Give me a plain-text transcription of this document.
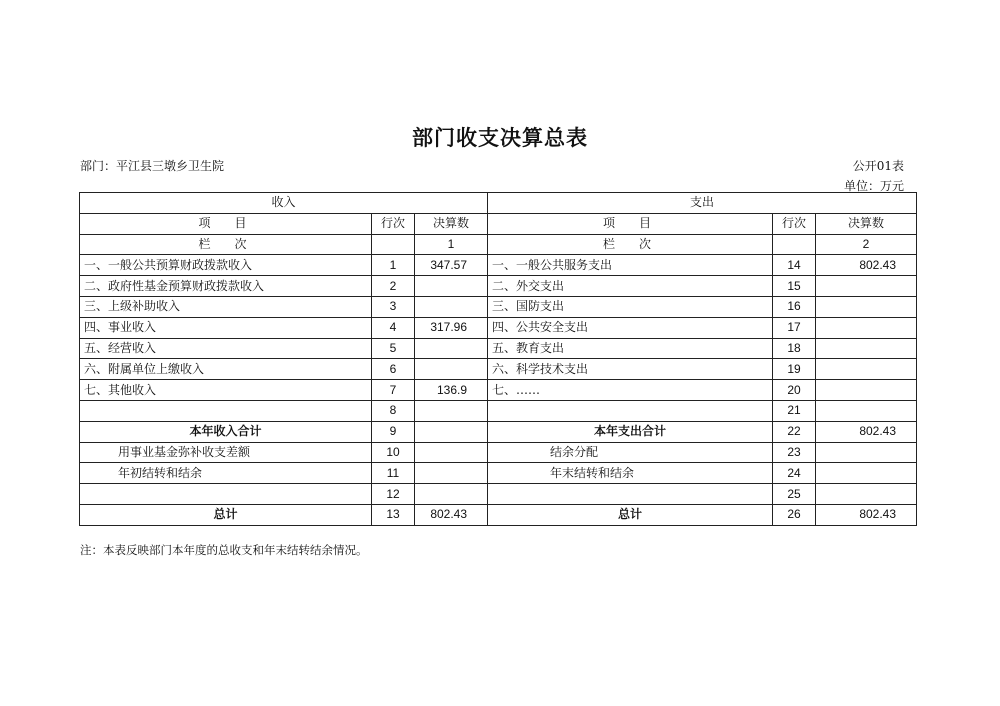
部门收支决算总表
部门：平江县三墩乡卫生院	公开01表
单位：万元
收入			支出		
项　目	行次	决算数	项　目	行次	决算数
栏　次		1	栏　次		2
一、一般公共预算财政拨款收入	1	347.57	一、一般公共服务支出	14	802.43
二、政府性基金预算财政拨款收入	2		二、外交支出	15	
三、上级补助收入	3		三、国防支出	16	
四、事业收入	4	317.96	四、公共安全支出	17	
五、经营收入	5		五、教育支出	18	
六、附属单位上缴收入	6		六、科学技术支出	19	
七、其他收入	7	136.9	七、……	20	
	8			21	
本年收入合计	9		本年支出合计	22	802.43
用事业基金弥补收支差额	10		结余分配	23	
年初结转和结余	11		年末结转和结余	24	
	12			25	
总计	13	802.43	总计	26	802.43
注：本表反映部门本年度的总收支和年末结转结余情况。
